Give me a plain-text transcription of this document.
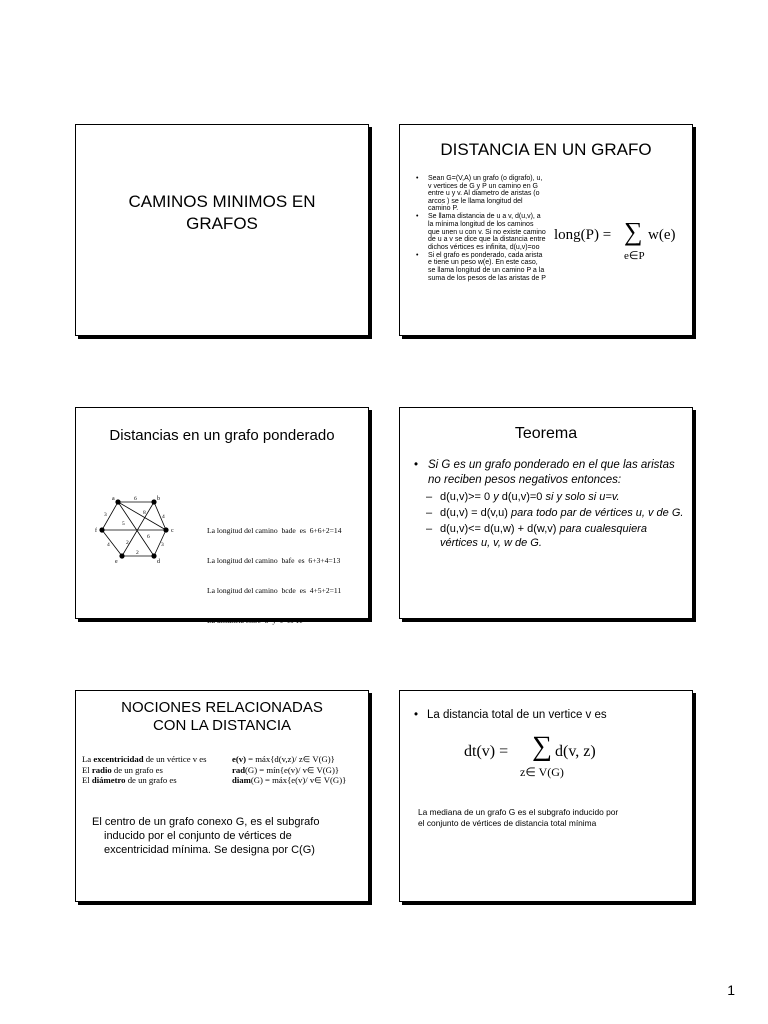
CAMINOS MINIMOS EN
GRAFOS
DISTANCIA EN UN GRAFO
• Sean G=(V,A) un grafo (o digrafo), u, v vertices de G y P un camino en G entre u y v. Al diametro de aristas (o arcos ) se le llama longitud del camino P.
• Se llama distancia de u a v, d(u,v), a la mínima longitud de los caminos que unen u con v. Si no existe camino de u a v se dice que la distancia entre dichos vértices es infinita, d(u,v)=oo
• Si el grafo es ponderado, cada arista e tiene un peso w(e). En este caso, se llama longitud de un camino P a la suma de los pesos de las aristas de P
long(P) = ∑ w(e)
e∈P
Distancias en un grafo ponderado
a	b
c
d
e
f
6
3	8
4
5
6
4	2
2
3

La longitud del camino  bade  es  6+6+2=14

La longitud del camino  bafe  es  6+3+4=13

La longitud del camino  bcde  es  4+5+2=11

La distancia entre  b  y  e  es 11

Teorema
• Si G es un grafo ponderado en el que las aristas no reciben pesos negativos entonces:
– d(u,v)>= 0 y d(u,v)=0 si y solo si u=v.
– d(u,v) = d(v,u) para todo par de vértices u, v de G.
– d(u,v)<= d(u,w) + d(w,v) para cualesquiera vértices u, v, w de G.
NOCIONES RELACIONADAS
CON LA DISTANCIA
La excentricidad de un vértice v es	e(v) = máx{d(v,z)/ z∈ V(G)}
El radio de un grafo es	rad(G) = mín{e(v)/ v∈ V(G)}
El diámetro de un grafo es	diam(G) = máx{e(v)/ v∈ V(G)}
El centro de un grafo conexo G, es el subgrafo
inducido por el conjunto de vértices de
excentricidad mínima. Se designa por C(G)
• La distancia total de un vertice v es
dt(v) = ∑ d(v, z)
z∈ V(G)
La mediana de un grafo G es el subgrafo inducido por
el conjunto de vértices de distancia total mínima
1
